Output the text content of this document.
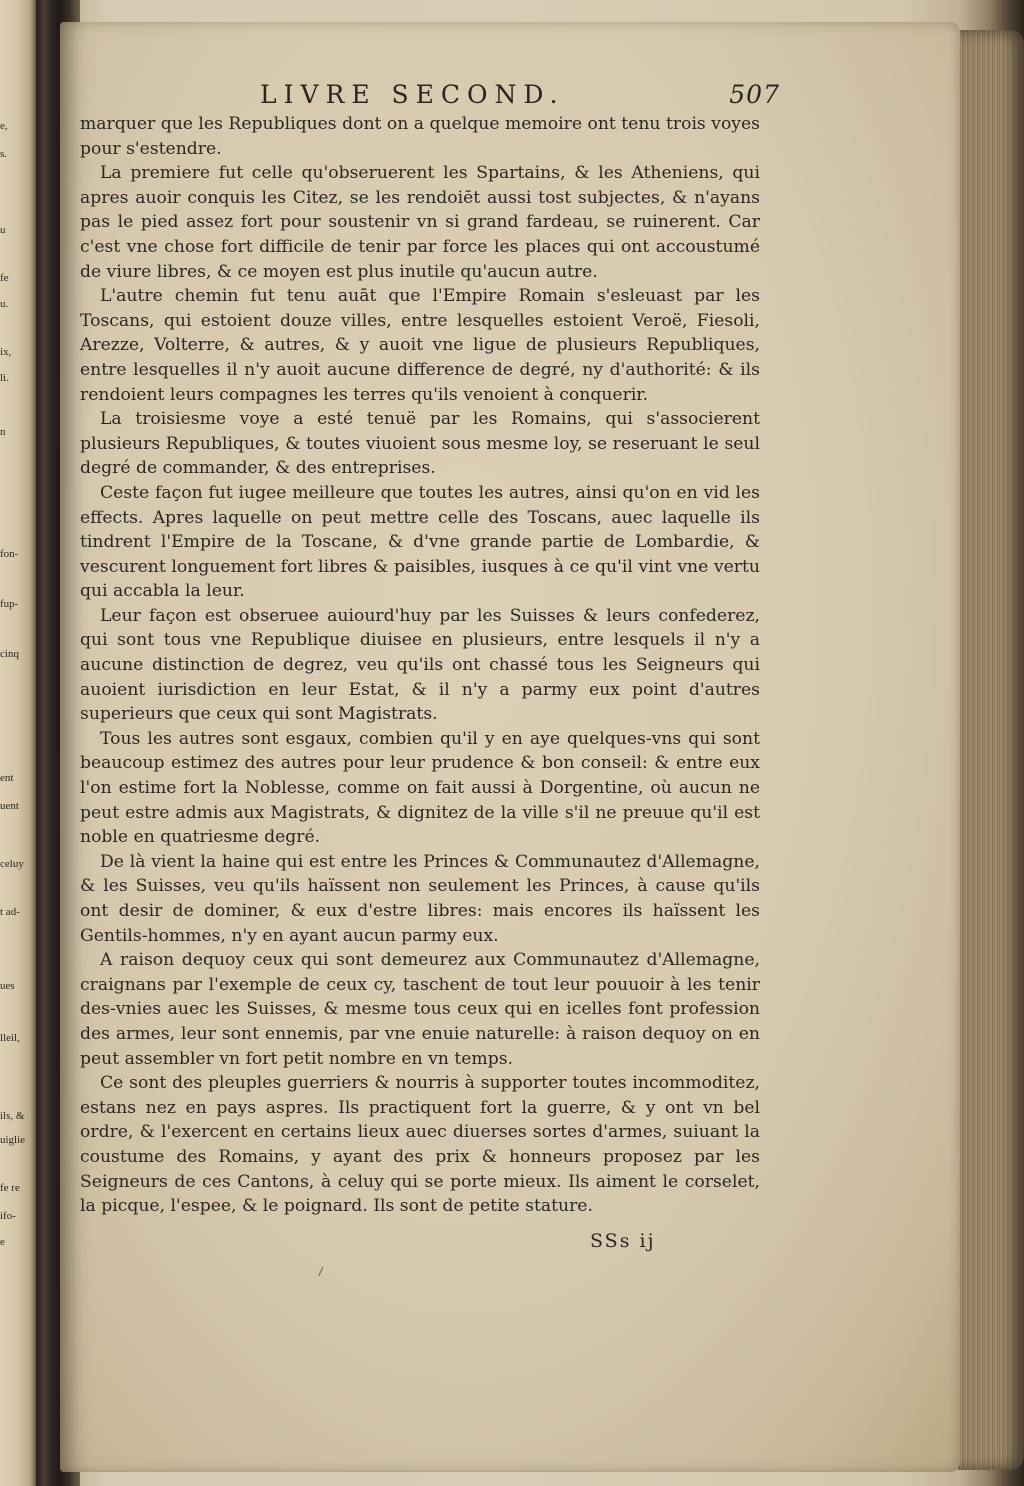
e,
s.
u
fe
u.
ix,
li.
n
fon-
fup-
cinq
ent
uent
celuy
t ad-
ues
lleil,
ils, &
uiglie
fe re
ifo-
e
LIVRE SECOND.	507

marquer que les Republiques dont on a quelque memoire ont tenu trois voyes pour s'estendre.

La premiere fut celle qu'obseruerent les Spartains, & les Atheniens, qui apres auoir conquis les Citez, se les rendoiēt aussi tost subjectes, & n'ayans pas le pied assez fort pour soustenir vn si grand fardeau, se ruinerent. Car c'est vne chose fort difficile de tenir par force les places qui ont accoustumé de viure libres, & ce moyen est plus inutile qu'aucun autre.

L'autre chemin fut tenu auāt que l'Empire Romain s'esleuast par les Toscans, qui estoient douze villes, entre lesquelles estoient Veroë, Fiesoli, Arezze, Volterre, & autres, & y auoit vne ligue de plusieurs Republiques, entre lesquelles il n'y auoit aucune difference de degré, ny d'authorité: & ils rendoient leurs compagnes les terres qu'ils venoient à conquerir.

La troisiesme voye a esté tenuë par les Romains, qui s'associerent plusieurs Republiques, & toutes viuoient sous mesme loy, se reseruant le seul degré de commander, & des entreprises.

Ceste façon fut iugee meilleure que toutes les autres, ainsi qu'on en vid les effects. Apres laquelle on peut mettre celle des Toscans, auec laquelle ils tindrent l'Empire de la Toscane, & d'vne grande partie de Lombardie, & vescurent longuement fort libres & paisibles, iusques à ce qu'il vint vne vertu qui accabla la leur.

Leur façon est obseruee auiourd'huy par les Suisses & leurs confederez, qui sont tous vne Republique diuisee en plusieurs, entre lesquels il n'y a aucune distinction de degrez, veu qu'ils ont chassé tous les Seigneurs qui auoient iurisdiction en leur Estat, & il n'y a parmy eux point d'autres superieurs que ceux qui sont Magistrats.

Tous les autres sont esgaux, combien qu'il y en aye quelques-vns qui sont beaucoup estimez des autres pour leur prudence & bon conseil: & entre eux l'on estime fort la Noblesse, comme on fait aussi à Dorgentine, où aucun ne peut estre admis aux Magistrats, & dignitez de la ville s'il ne preuue qu'il est noble en quatriesme degré.

De là vient la haine qui est entre les Princes & Communautez d'Allemagne, & les Suisses, veu qu'ils haïssent non seulement les Princes, à cause qu'ils ont desir de dominer, & eux d'estre libres: mais encores ils haïssent les Gentils-hommes, n'y en ayant aucun parmy eux.

A raison dequoy ceux qui sont demeurez aux Communautez d'Allemagne, craignans par l'exemple de ceux cy, taschent de tout leur pouuoir à les tenir des-vnies auec les Suisses, & mesme tous ceux qui en icelles font profession des armes, leur sont ennemis, par vne enuie naturelle: à raison dequoy on en peut assembler vn fort petit nombre en vn temps.

Ce sont des pleuples guerriers & nourris à supporter toutes incommoditez, estans nez en pays aspres. Ils practiquent fort la guerre, & y ont vn bel ordre, & l'exercent en certains lieux auec diuerses sortes d'armes, suiuant la coustume des Romains, y ayant des prix & honneurs proposez par les Seigneurs de ces Cantons, à celuy qui se porte mieux. Ils aiment le corselet, la picque, l'espee, & le poignard. Ils sont de petite stature.

SSs ij
